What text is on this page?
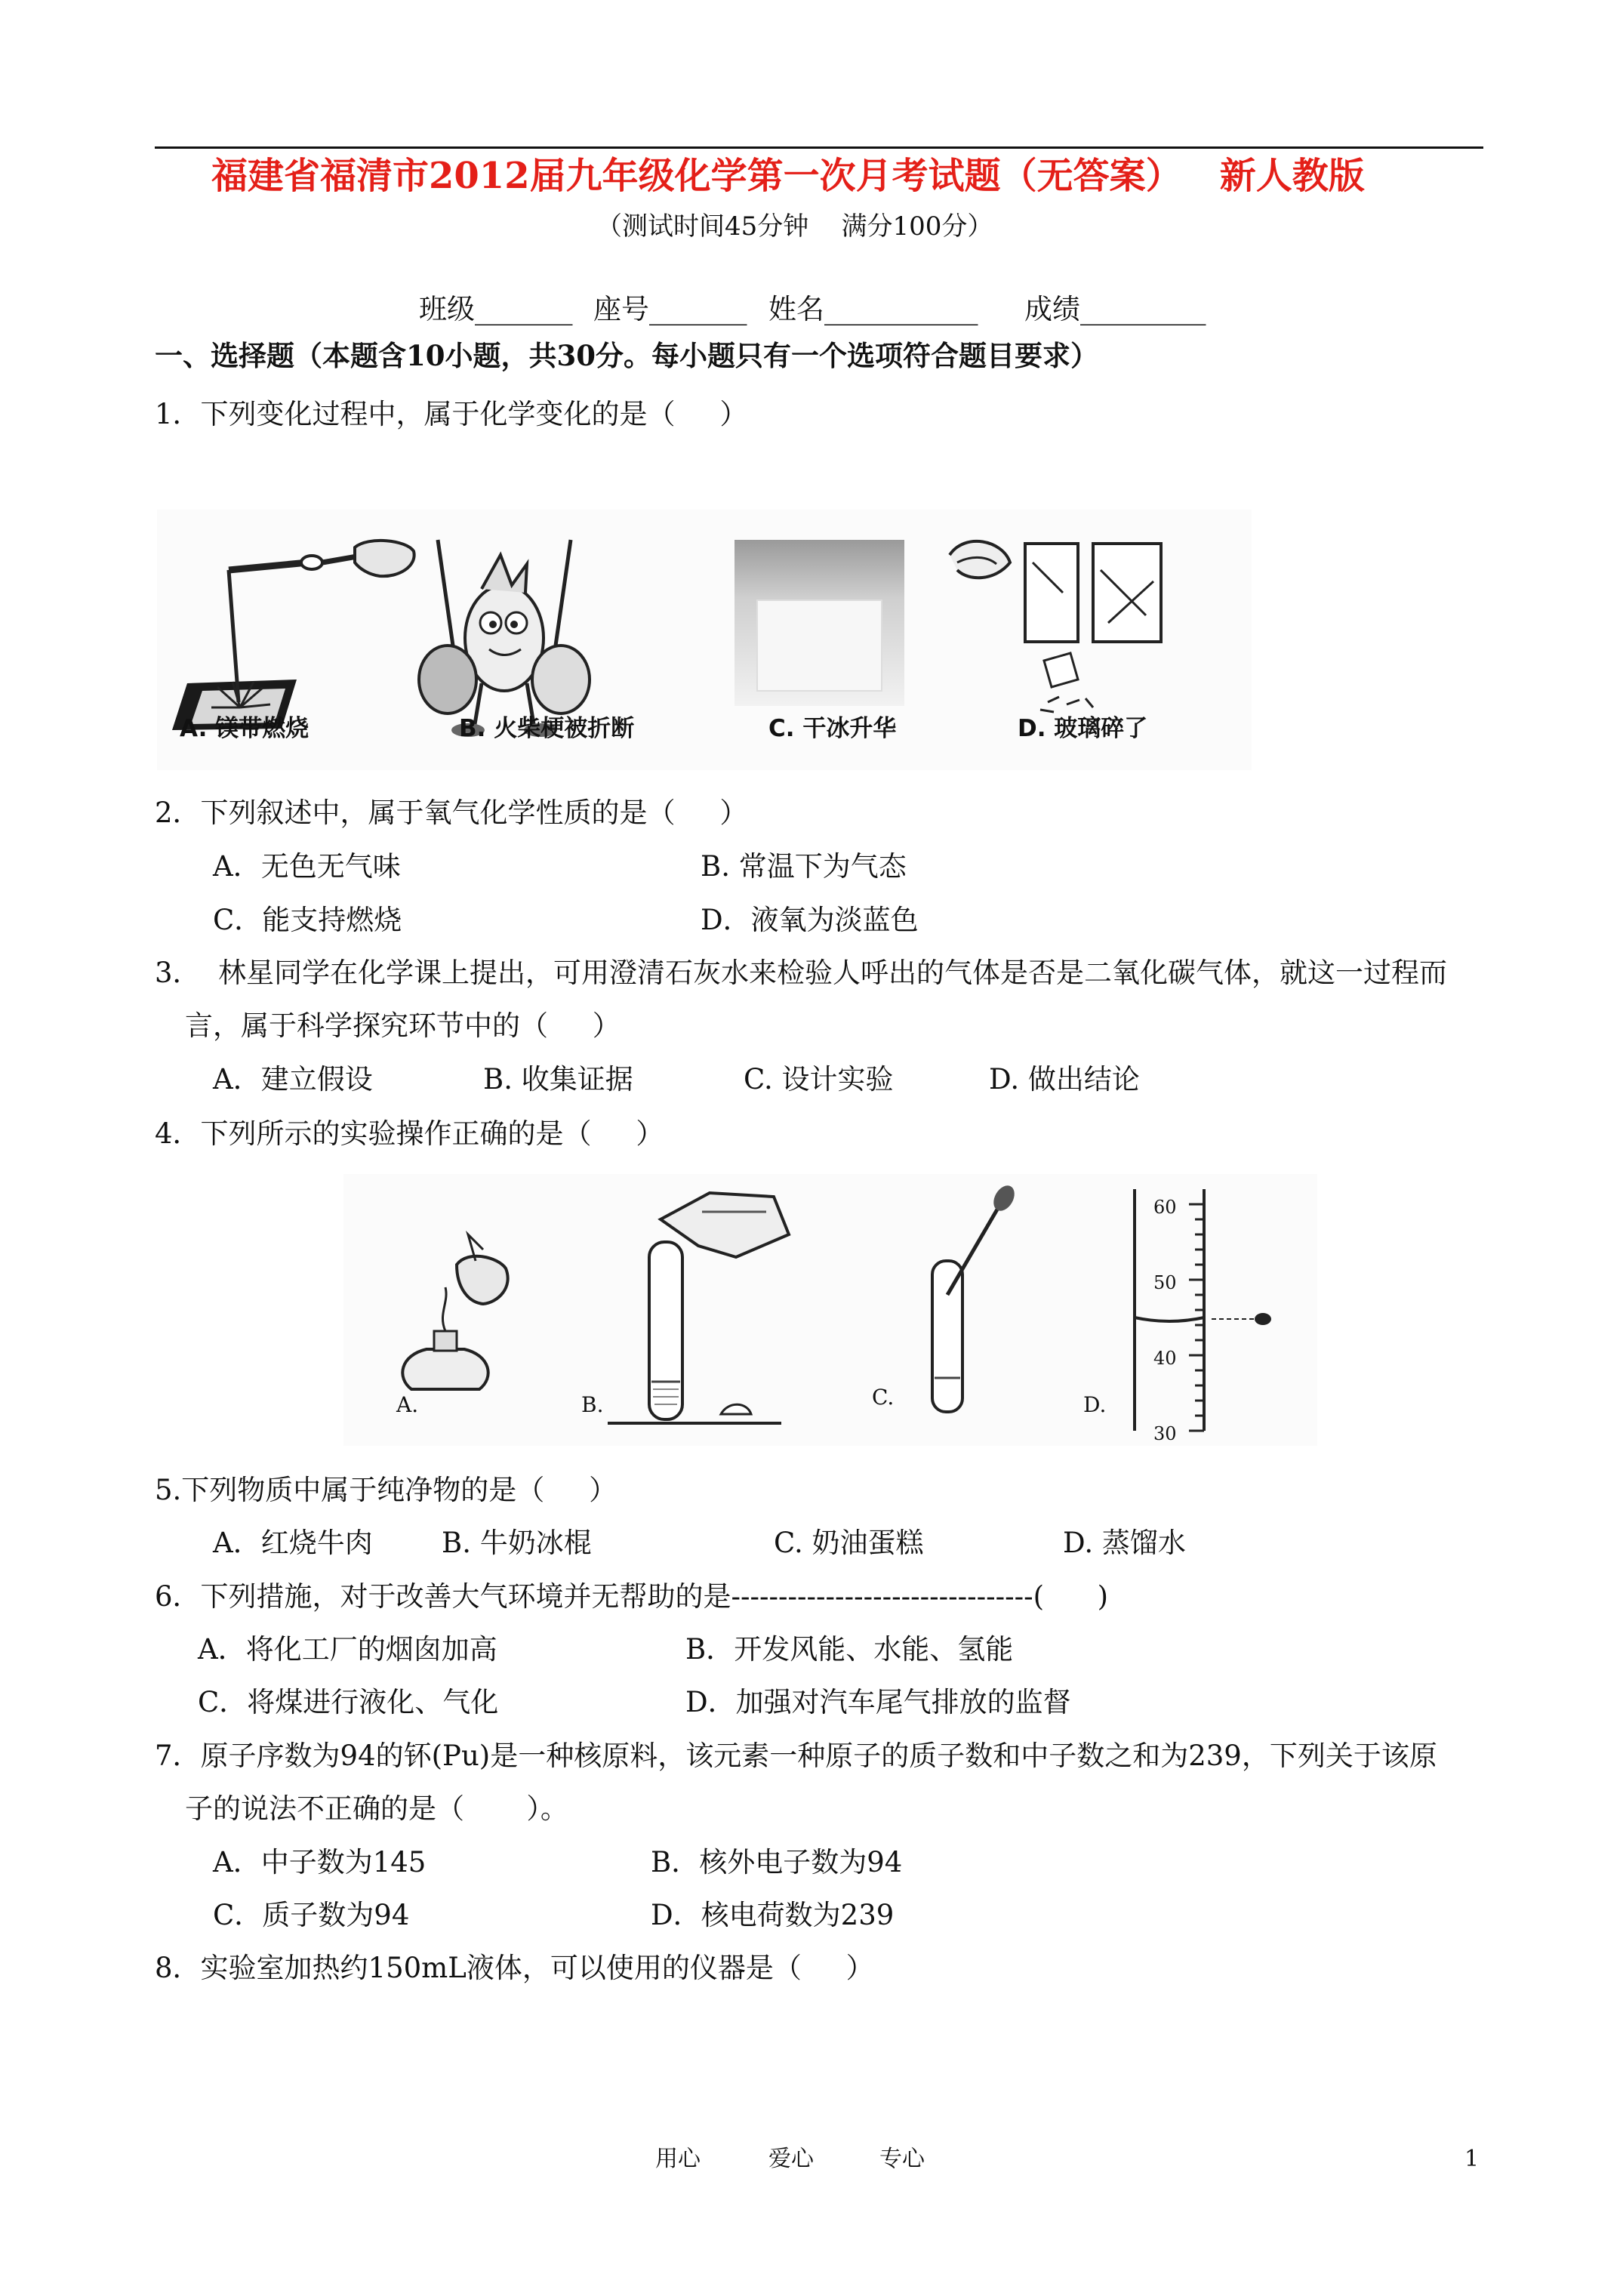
福建省福清市2012届九年级化学第一次月考试题（无答案）   新人教版
（测试时间45分钟    满分100分）
班级_______ 座号_______ 姓名___________ 成绩_________
一、选择题（本题含10小题，共30分。每小题只有一个选项符合题目要求）
1．下列变化过程中，属于化学变化的是（     ）
A. 镁带燃烧	B. 火柴梗被折断	C. 干冰升华	D. 玻璃碎了
2．下列叙述中，属于氧气化学性质的是（     ）
A．无色无气味	B. 常温下为气态
C．能支持燃烧	D．液氧为淡蓝色
3．  林星同学在化学课上提出，可用澄清石灰水来检验人呼出的气体是否是二氧化碳气体，就这一过程而
言，属于科学探究环节中的（     ）
A．建立假设	B. 收集证据	C. 设计实验	D. 做出结论
4．下列所示的实验操作正确的是（     ）
A.	B.	C.
60
50
40
30
D.
5.下列物质中属于纯净物的是（     ）
A．红烧牛肉 B. 牛奶冰棍	C. 奶油蛋糕	D. 蒸馏水
6．下列措施，对于改善大气环境并无帮助的是--------------------------------(      )
A．将化工厂的烟囱加高	B．开发风能、水能、氢能
C．将煤进行液化、气化	D．加强对汽车尾气排放的监督
7．原子序数为94的钚(Pu)是一种核原料，该元素一种原子的质子数和中子数之和为239，下列关于该原
子的说法不正确的是（       ）。
A．中子数为145	B．核外电子数为94
C．质子数为94	D．核电荷数为239
8．实验室加热约150mL液体，可以使用的仪器是（     ）
用心	爱心	专心	1
